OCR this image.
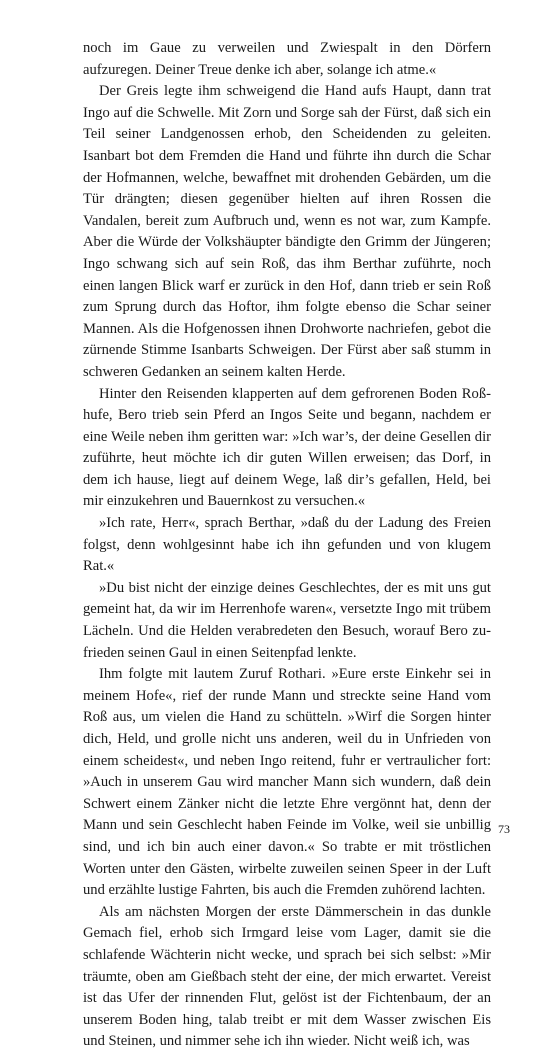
noch im Gaue zu verweilen und Zwiespalt in den Dörfern aufzuregen. Deiner Treue denke ich aber, solange ich atme.«

Der Greis legte ihm schweigend die Hand aufs Haupt, dann trat Ingo auf die Schwelle. Mit Zorn und Sorge sah der Fürst, daß sich ein Teil seiner Landgenossen erhob, den Scheidenden zu geleiten. Isanbart bot dem Fremden die Hand und führte ihn durch die Schar der Hofmannen, welche, bewaffnet mit drohenden Gebärden, um die Tür drängten; diesen gegenüber hielten auf ihren Rossen die Vandalen, bereit zum Aufbruch und, wenn es not war, zum Kampfe. Aber die Würde der Volkshäupter bändigte den Grimm der Jüngeren; Ingo schwang sich auf sein Roß, das ihm Berthar zuführte, noch einen langen Blick warf er zurück in den Hof, dann trieb er sein Roß zum Sprung durch das Hoftor, ihm folgte ebenso die Schar seiner Mannen. Als die Hofgenossen ihnen Drohworte nachriefen, gebot die zürnende Stimme Isanbarts Schweigen. Der Fürst aber saß stumm in schweren Gedanken an seinem kalten Herde.

Hinter den Reisenden klapperten auf dem gefrorenen Boden Roßhufe, Bero trieb sein Pferd an Ingos Seite und begann, nachdem er eine Weile neben ihm geritten war: »Ich war’s, der deine Gesellen dir zuführte, heut möchte ich dir guten Willen erweisen; das Dorf, in dem ich hause, liegt auf deinem Wege, laß dir’s gefallen, Held, bei mir einzukehren und Bauernkost zu versuchen.«

»Ich rate, Herr«, sprach Berthar, »daß du der Ladung des Freien folgst, denn wohlgesinnt habe ich ihn gefunden und von klugem Rat.«

»Du bist nicht der einzige deines Geschlechtes, der es mit uns gut gemeint hat, da wir im Herrenhofe waren«, versetzte Ingo mit trübem Lächeln. Und die Helden verabredeten den Besuch, worauf Bero zufrieden seinen Gaul in einen Seitenpfad lenkte.

Ihm folgte mit lautem Zuruf Rothari. »Eure erste Einkehr sei in meinem Hofe«, rief der runde Mann und streckte seine Hand vom Roß aus, um vielen die Hand zu schütteln. »Wirf die Sorgen hinter dich, Held, und grolle nicht uns anderen, weil du in Unfrieden von einem scheidest«, und neben Ingo reitend, fuhr er vertraulicher fort: »Auch in unserem Gau wird mancher Mann sich wundern, daß dein Schwert einem Zänker nicht die letzte Ehre vergönnt hat, denn der Mann und sein Geschlecht haben Feinde im Volke, weil sie unbillig sind, und ich bin auch einer davon.« So trabte er mit tröstlichen Worten unter den Gästen, wirbelte zuweilen seinen Speer in der Luft und erzählte lustige Fahrten, bis auch die Fremden zuhörend lachten.

Als am nächsten Morgen der erste Dämmerschein in das dunkle Gemach fiel, erhob sich Irmgard leise vom Lager, damit sie die schlafende Wächterin nicht wecke, und sprach bei sich selbst: »Mir träumte, oben am Gießbach steht der eine, der mich erwartet. Vereist ist das Ufer der rinnenden Flut, gelöst ist der Fichtenbaum, der an unserem Boden hing, talab treibt er mit dem Wasser zwischen Eis und Steinen, und nimmer sehe ich ihn wieder. Nicht weiß ich, was

73
